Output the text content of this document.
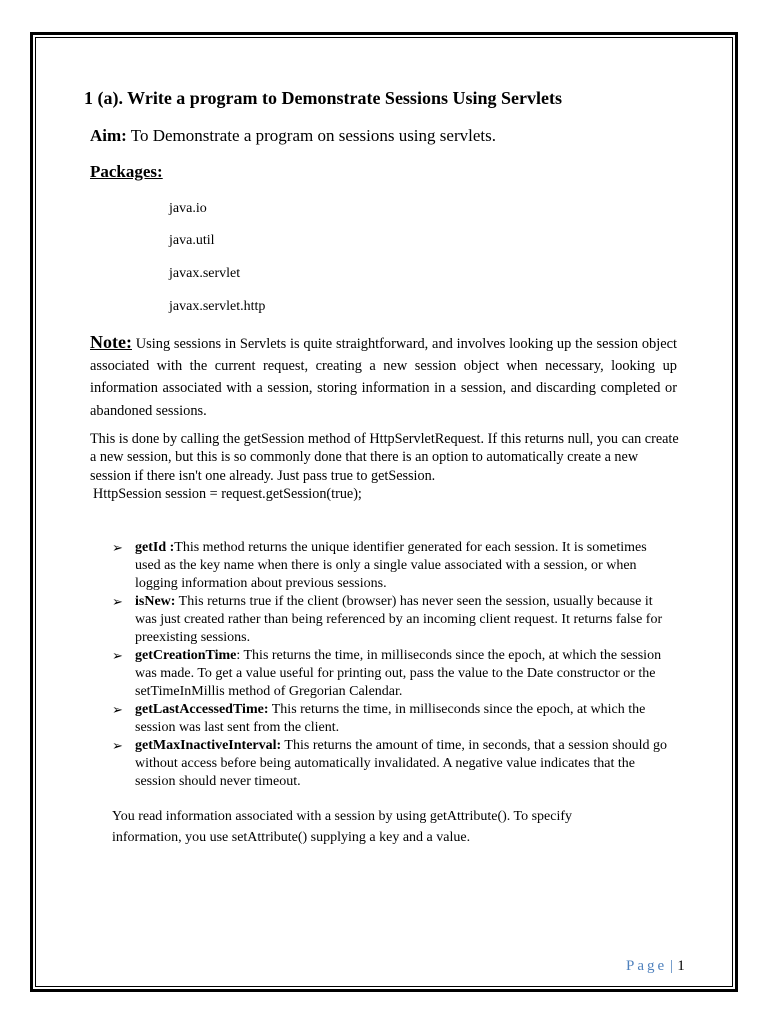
1 (a). Write a program to Demonstrate Sessions Using Servlets
Aim: To Demonstrate a program on sessions using servlets.
Packages:
java.io
java.util
javax.servlet
javax.servlet.http
Note: Using sessions in Servlets is quite straightforward, and involves looking up the session object associated with the current request, creating a new session object when necessary, looking up information associated with a session, storing information in a session, and discarding completed or abandoned sessions.
This is done by calling the getSession method of HttpServletRequest. If this returns null, you can create a new session, but this is so commonly done that there is an option to automatically create a new session if there isn't one already. Just pass true to getSession.
HttpSession session = request.getSession(true);
➢ getId :This method returns the unique identifier generated for each session. It is sometimes used as the key name when there is only a single value associated with a session, or when logging information about previous sessions.
➢ isNew: This returns true if the client (browser) has never seen the session, usually because it was just created rather than being referenced by an incoming client request. It returns false for preexisting sessions.
➢ getCreationTime: This returns the time, in milliseconds since the epoch, at which the session was made. To get a value useful for printing out, pass the value to the Date constructor or the setTimeInMillis method of Gregorian Calendar.
➢ getLastAccessedTime: This returns the time, in milliseconds since the epoch, at which the session was last sent from the client.
➢ getMaxInactiveInterval: This returns the amount of time, in seconds, that a session should go without access before being automatically invalidated. A negative value indicates that the session should never timeout.
You read information associated with a session by using getAttribute(). To specify information, you use setAttribute() supplying a key and a value.
Page | 1
